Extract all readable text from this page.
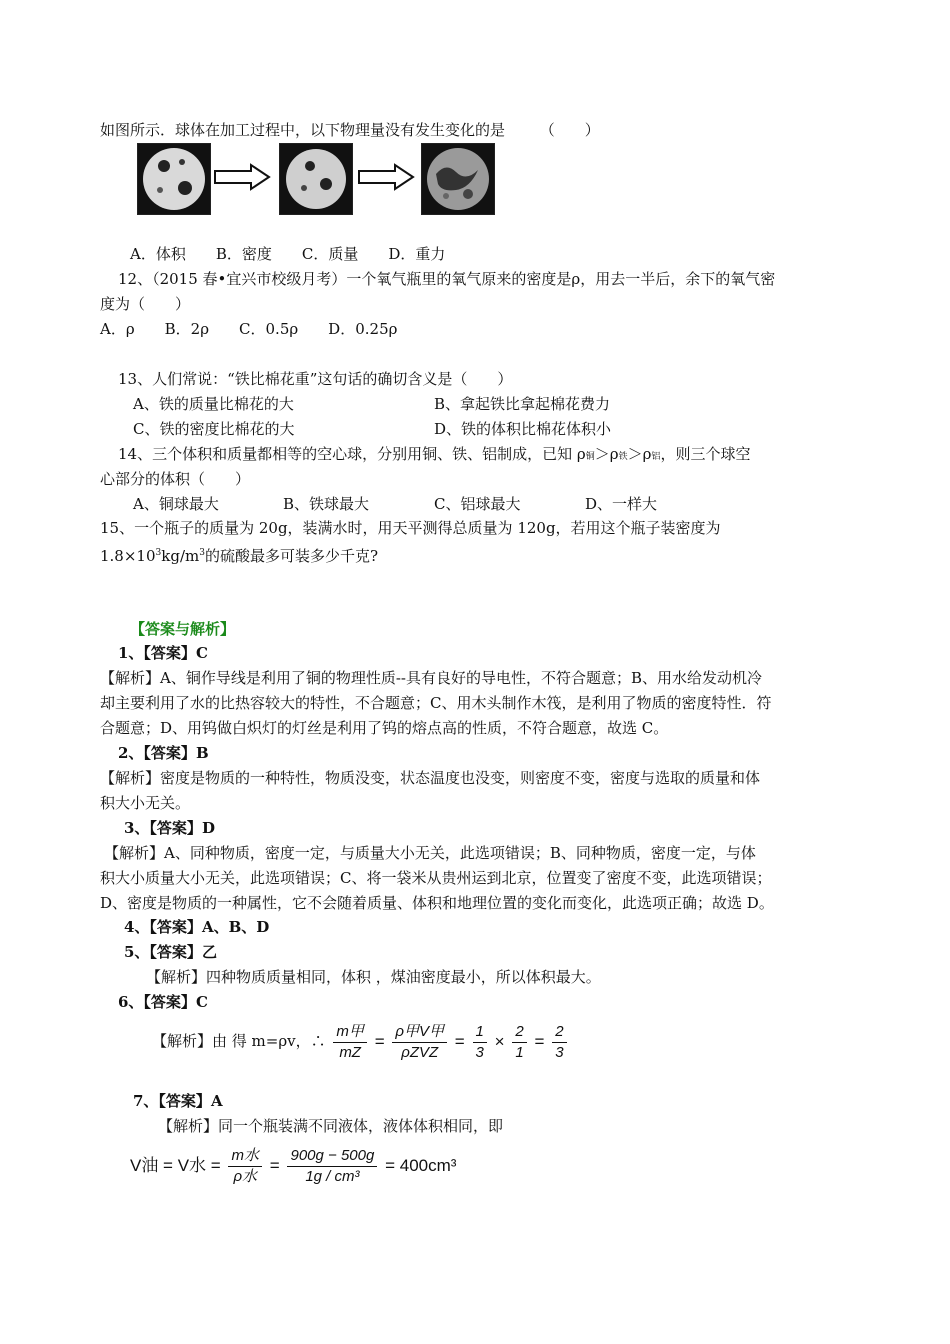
如图所示．球体在加工过程中，以下物理量没有发生变化的是 （　　）
A．体积　　B．密度　　C．质量　　D．重力
12、（2015 春•宜兴市校级月考）一个氧气瓶里的氧气原来的密度是ρ，用去一半后，余下的氧气密
度为（　　）
A．ρ　　B．2ρ　　C．0.5ρ　　D．0.25ρ
13、人们常说：“铁比棉花重”这句话的确切含义是（　　）
A、铁的质量比棉花的大	B、拿起铁比拿起棉花费力
C、铁的密度比棉花的大	D、铁的体积比棉花体积小
14、三个体积和质量都相等的空心球，分别用铜、铁、铝制成，已知 ρ铜＞ρ铁＞ρ铝，则三个球空
心部分的体积（　　）
A、铜球最大	B、铁球最大	C、铝球最大	D、一样大
15、一个瓶子的质量为 20g，装满水时，用天平测得总质量为 120g，若用这个瓶子装密度为
$1.8\times 10^3kg/m^3$的硫酸最多可装多少千克?
【答案与解析】
1、【答案】C
【解析】A、铜作导线是利用了铜的物理性质--具有良好的导电性，不符合题意；B、用水给发动机冷
却主要利用了水的比热容较大的特性，不合题意；C、用木头制作木筏，是利用了物质的密度特性．符
合题意；D、用钨做白炽灯的灯丝是利用了钨的熔点高的性质，不符合题意，故选 C。
2、【答案】B
【解析】密度是物质的一种特性，物质没变，状态温度也没变，则密度不变，密度与选取的质量和体
积大小无关。
3、【答案】D
【解析】A、同种物质，密度一定，与质量大小无关，此选项错误；B、同种物质，密度一定，与体
积大小质量大小无关，此选项错误；C、将一袋米从贵州运到北京，位置变了密度不变，此选项错误；
D、密度是物质的一种属性，它不会随着质量、体积和地理位置的变化而变化，此选项正确；故选 D。
4、【答案】A、B、D
5、【答案】乙
【解析】四种物质质量相同，体积 ，煤油密度最小，所以体积最大。
6、【答案】C
【解析】由 得 m=ρv，∴ $\frac{\text{m甲}}{mZ} = \frac{\text{ρ甲V甲}}{\text{ρZVZ}} = \frac{1}{3} \times \frac{2}{1} = \frac{2}{3}$
7、【答案】A
【解析】同一个瓶装满不同液体，液体体积相同，即
V油 = V水 = $\frac{\text{m水}}{\text{ρ水}} = \frac{900g - 500g}{\text{1g / cm³}} = 400cm^3$
